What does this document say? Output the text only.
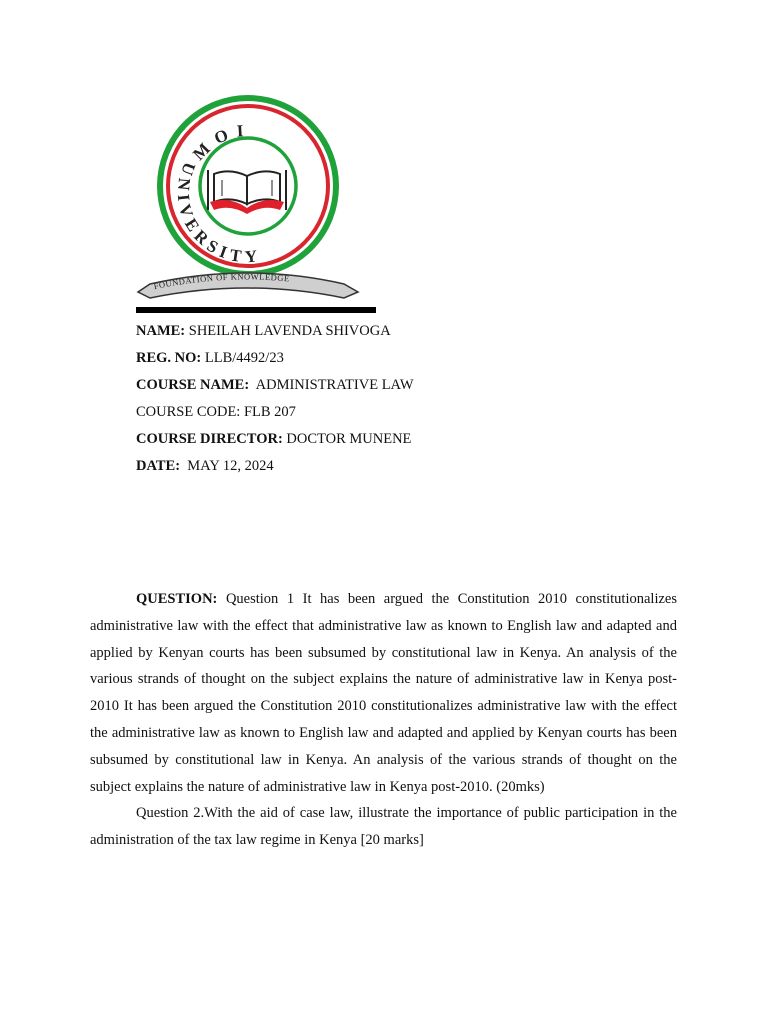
MOI
UNIVERSITY
FOUNDATION OF KNOWLEDGE
NAME: SHEILAH LAVENDA SHIVOGA
REG. NO: LLB/4492/23
COURSE NAME: ADMINISTRATIVE LAW
COURSE CODE: FLB 207
COURSE DIRECTOR: DOCTOR MUNENE
DATE: MAY 12, 2024

QUESTION: Question 1 It has been argued the Constitution 2010 constitutionalizes administrative law with the effect that administrative law as known to English law and adapted and applied by Kenyan courts has been subsumed by constitutional law in Kenya. An analysis of the various strands of thought on the subject explains the nature of administrative law in Kenya post-2010 It has been argued the Constitution 2010 constitutionalizes administrative law with the effect the administrative law as known to English law and adapted and applied by Kenyan courts has been subsumed by constitutional law in Kenya. An analysis of the various strands of thought on the subject explains the nature of administrative law in Kenya post-2010. (20mks)

Question 2.With the aid of case law, illustrate the importance of public participation in the administration of the tax law regime in Kenya [20 marks]
